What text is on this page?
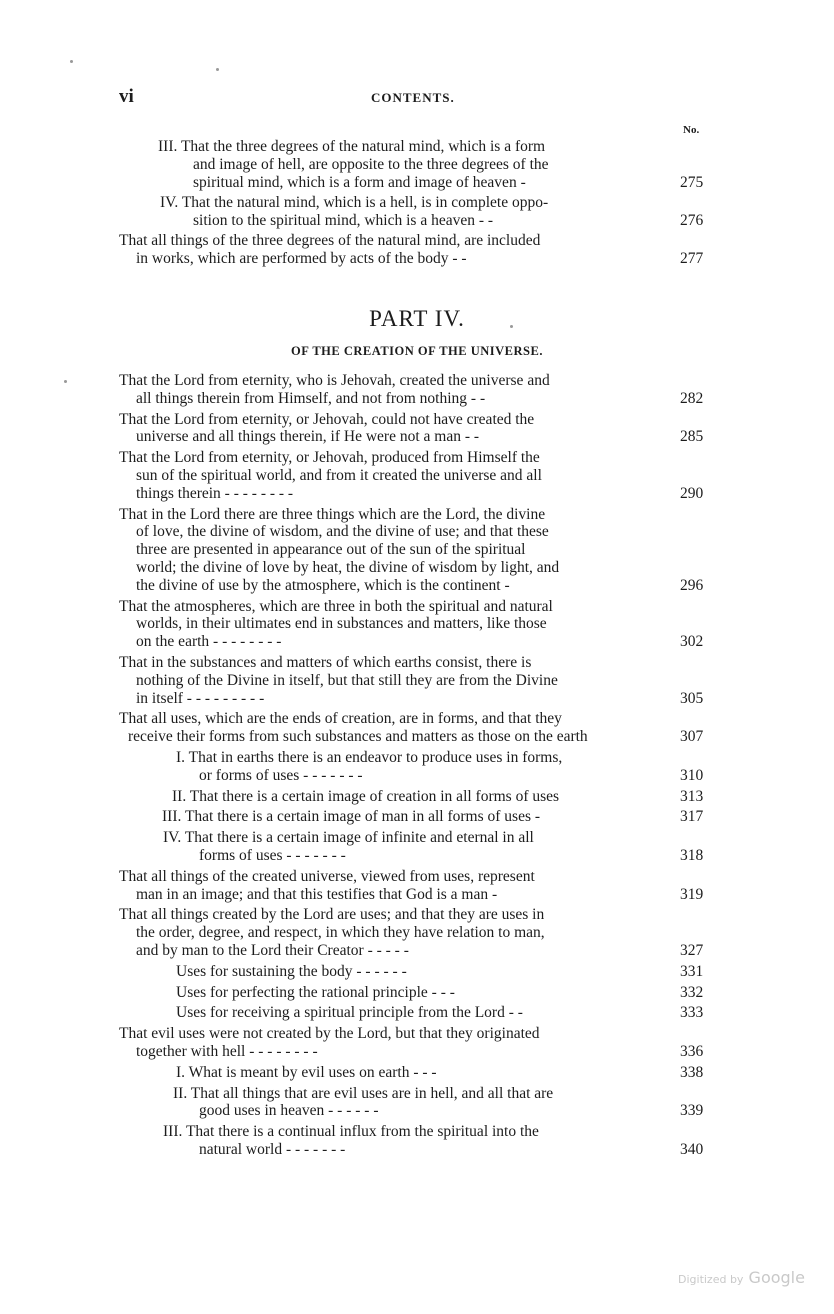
vi	CONTENTS.
No.
III. That the three degrees of the natural mind, which is a form
and image of hell, are opposite to the three degrees of the
spiritual mind, which is a form and image of heaven -	275
IV. That the natural mind, which is a hell, is in complete oppo-
sition to the spiritual mind, which is a heaven - -	276
That all things of the three degrees of the natural mind, are included
in works, which are performed by acts of the body - -	277
PART IV.
OF THE CREATION OF THE UNIVERSE.
That the Lord from eternity, who is Jehovah, created the universe and
all things therein from Himself, and not from nothing - -	282
That the Lord from eternity, or Jehovah, could not have created the
universe and all things therein, if He were not a man - -	285
That the Lord from eternity, or Jehovah, produced from Himself the
sun of the spiritual world, and from it created the universe and all
things therein - - - - - - - -	290
That in the Lord there are three things which are the Lord, the divine
of love, the divine of wisdom, and the divine of use; and that these
three are presented in appearance out of the sun of the spiritual
world; the divine of love by heat, the divine of wisdom by light, and
the divine of use by the atmosphere, which is the continent -	296
That the atmospheres, which are three in both the spiritual and natural
worlds, in their ultimates end in substances and matters, like those
on the earth - - - - - - - -	302
That in the substances and matters of which earths consist, there is
nothing of the Divine in itself, but that still they are from the Divine
in itself - - - - - - - - -	305
That all uses, which are the ends of creation, are in forms, and that they
receive their forms from such substances and matters as those on the earth	307
I. That in earths there is an endeavor to produce uses in forms,
or forms of uses - - - - - - -	310
II. That there is a certain image of creation in all forms of uses	313
III. That there is a certain image of man in all forms of uses -	317
IV. That there is a certain image of infinite and eternal in all
forms of uses - - - - - - -	318
That all things of the created universe, viewed from uses, represent
man in an image; and that this testifies that God is a man -	319
That all things created by the Lord are uses; and that they are uses in
the order, degree, and respect, in which they have relation to man,
and by man to the Lord their Creator - - - - -	327
Uses for sustaining the body - - - - - -	331
Uses for perfecting the rational principle - - -	332
Uses for receiving a spiritual principle from the Lord - -	333
That evil uses were not created by the Lord, but that they originated
together with hell - - - - - - - -	336
I. What is meant by evil uses on earth - - -	338
II. That all things that are evil uses are in hell, and all that are
good uses in heaven - - - - - -	339
III. That there is a continual influx from the spiritual into the
natural world - - - - - - -	340
Digitized by Google
